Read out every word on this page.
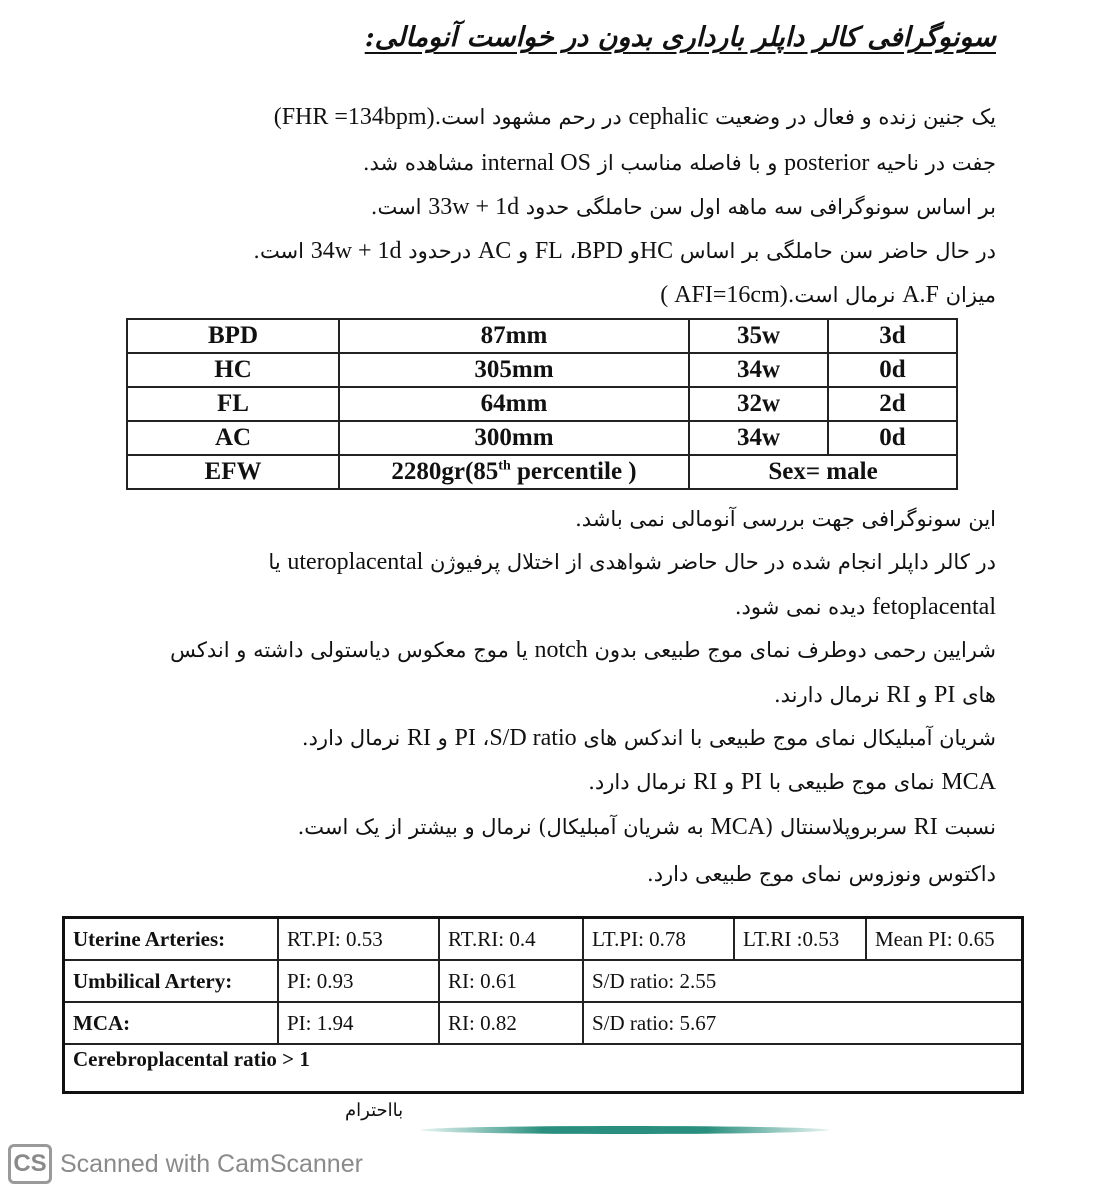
سونوگرافی کالر داپلر بارداری بدون در خواست آنومالی:
یک جنین زنده و فعال در وضعیت cephalic در رحم مشهود است.(FHR =134bpm)
جفت در ناحیه posterior و با فاصله مناسب از internal OS مشاهده شد.
بر اساس سونوگرافی سه ماهه اول سن حاملگی حدود 33w + 1d است.
در حال حاضر سن حاملگی بر اساس HCو BPD، FL و AC درحدود 34w + 1d است.
میزان A.F نرمال است.( AFI=16cm)
BPD	87mm	35w	3d
HC	305mm	34w	0d
FL	64mm	32w	2d
AC	300mm	34w	0d
EFW	2280gr(85th percentile )	Sex= male	
این سونوگرافی جهت بررسی آنومالی نمی باشد.
در کالر داپلر انجام شده در حال حاضر شواهدی از اختلال پرفیوژن uteroplacental یا
fetoplacental دیده نمی شود.
شرایین رحمی دوطرف نمای موج طبیعی بدون notch یا موج معکوس دیاستولی داشته و اندکس
های PI و RI نرمال دارند.
شریان آمبلیکال نمای موج طبیعی با اندکس های S/D ratio، PI و RI نرمال دارد.
MCA نمای موج طبیعی با PI و RI نرمال دارد.
نسبت RI سربروپلاسنتال (MCA به شریان آمبلیکال) نرمال و بیشتر از یک است.
داکتوس ونوزوس نمای موج طبیعی دارد.
Uterine Arteries:	RT.PI: 0.53	RT.RI: 0.4	LT.PI: 0.78	LT.RI :0.53	Mean PI: 0.65
Umbilical Artery:	PI: 0.93	RI: 0.61	S/D ratio: 2.55		
MCA:	PI: 1.94	RI: 0.82	S/D ratio: 5.67		
Cerebroplacental ratio > 1					
بااحترام
CS Scanned with CamScanner
